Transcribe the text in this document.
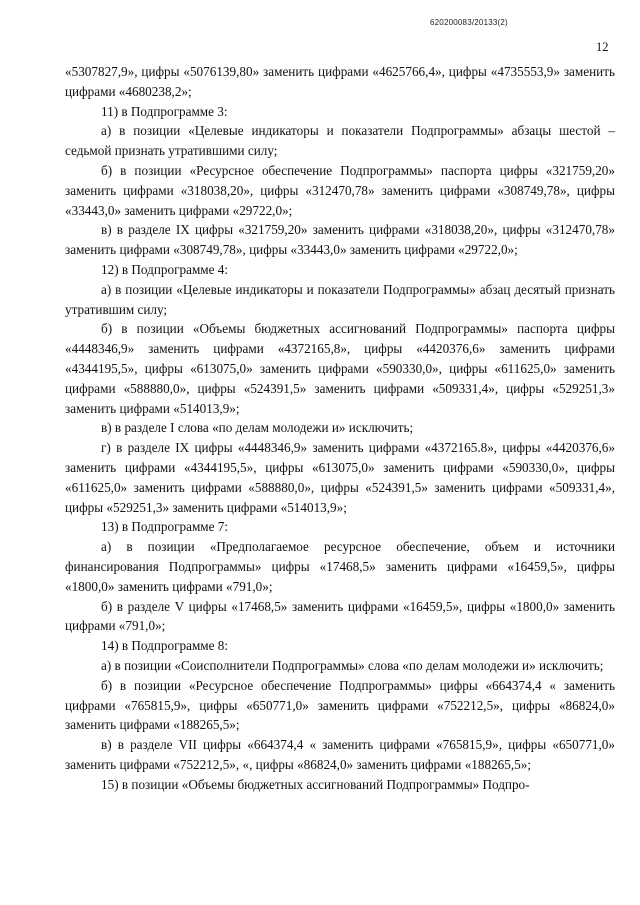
620200083/20133(2)
12

«5307827,9», цифры «5076139,80» заменить цифрами «4625766,4», цифры «4735553,9» заменить цифрами «4680238,2»;

11) в Подпрограмме 3:

а) в позиции «Целевые индикаторы и показатели Подпрограммы» абзацы шестой – седьмой признать утратившими силу;

б) в позиции «Ресурсное обеспечение Подпрограммы» паспорта цифры «321759,20» заменить цифрами «318038,20», цифры «312470,78» заменить цифрами «308749,78», цифры «33443,0» заменить цифрами «29722,0»;

в) в разделе IX цифры «321759,20» заменить цифрами «318038,20», цифры «312470,78» заменить цифрами «308749,78», цифры «33443,0» заменить цифрами «29722,0»;

12) в Подпрограмме 4:

а) в позиции «Целевые индикаторы и показатели Подпрограммы» абзац десятый признать утратившим силу;

б) в позиции «Объемы бюджетных ассигнований Подпрограммы» паспорта цифры «4448346,9» заменить цифрами «4372165,8», цифры «4420376,6» заменить цифрами «4344195,5», цифры «613075,0» заменить цифрами «590330,0», цифры «611625,0» заменить цифрами «588880,0», цифры «524391,5» заменить цифрами «509331,4», цифры «529251,3» заменить цифрами «514013,9»;

в) в разделе I слова «по делам молодежи и» исключить;

г) в разделе IX цифры «4448346,9» заменить цифрами «4372165.8», цифры «4420376,6» заменить цифрами «4344195,5», цифры «613075,0» заменить цифрами «590330,0», цифры «611625,0» заменить цифрами «588880,0», цифры «524391,5» заменить цифрами «509331,4», цифры «529251,3» заменить цифрами «514013,9»;

13) в Подпрограмме 7:

а) в позиции «Предполагаемое ресурсное обеспечение, объем и источники финансирования Подпрограммы» цифры «17468,5» заменить цифрами «16459,5», цифры «1800,0» заменить цифрами «791,0»;

б) в разделе V цифры «17468,5» заменить цифрами «16459,5», цифры «1800,0» заменить цифрами «791,0»;

14) в Подпрограмме 8:

а) в позиции «Соисполнители Подпрограммы» слова «по делам молодежи и» исключить;

б) в позиции «Ресурсное обеспечение Подпрограммы» цифры «664374,4 « заменить цифрами «765815,9», цифры «650771,0» заменить цифрами «752212,5», цифры «86824,0» заменить цифрами «188265,5»;

в) в разделе VII цифры «664374,4 « заменить цифрами «765815,9», цифры «650771,0» заменить цифрами «752212,5», «, цифры «86824,0» заменить цифрами «188265,5»;

15) в позиции «Объемы бюджетных ассигнований Подпрограммы» Подпро-
